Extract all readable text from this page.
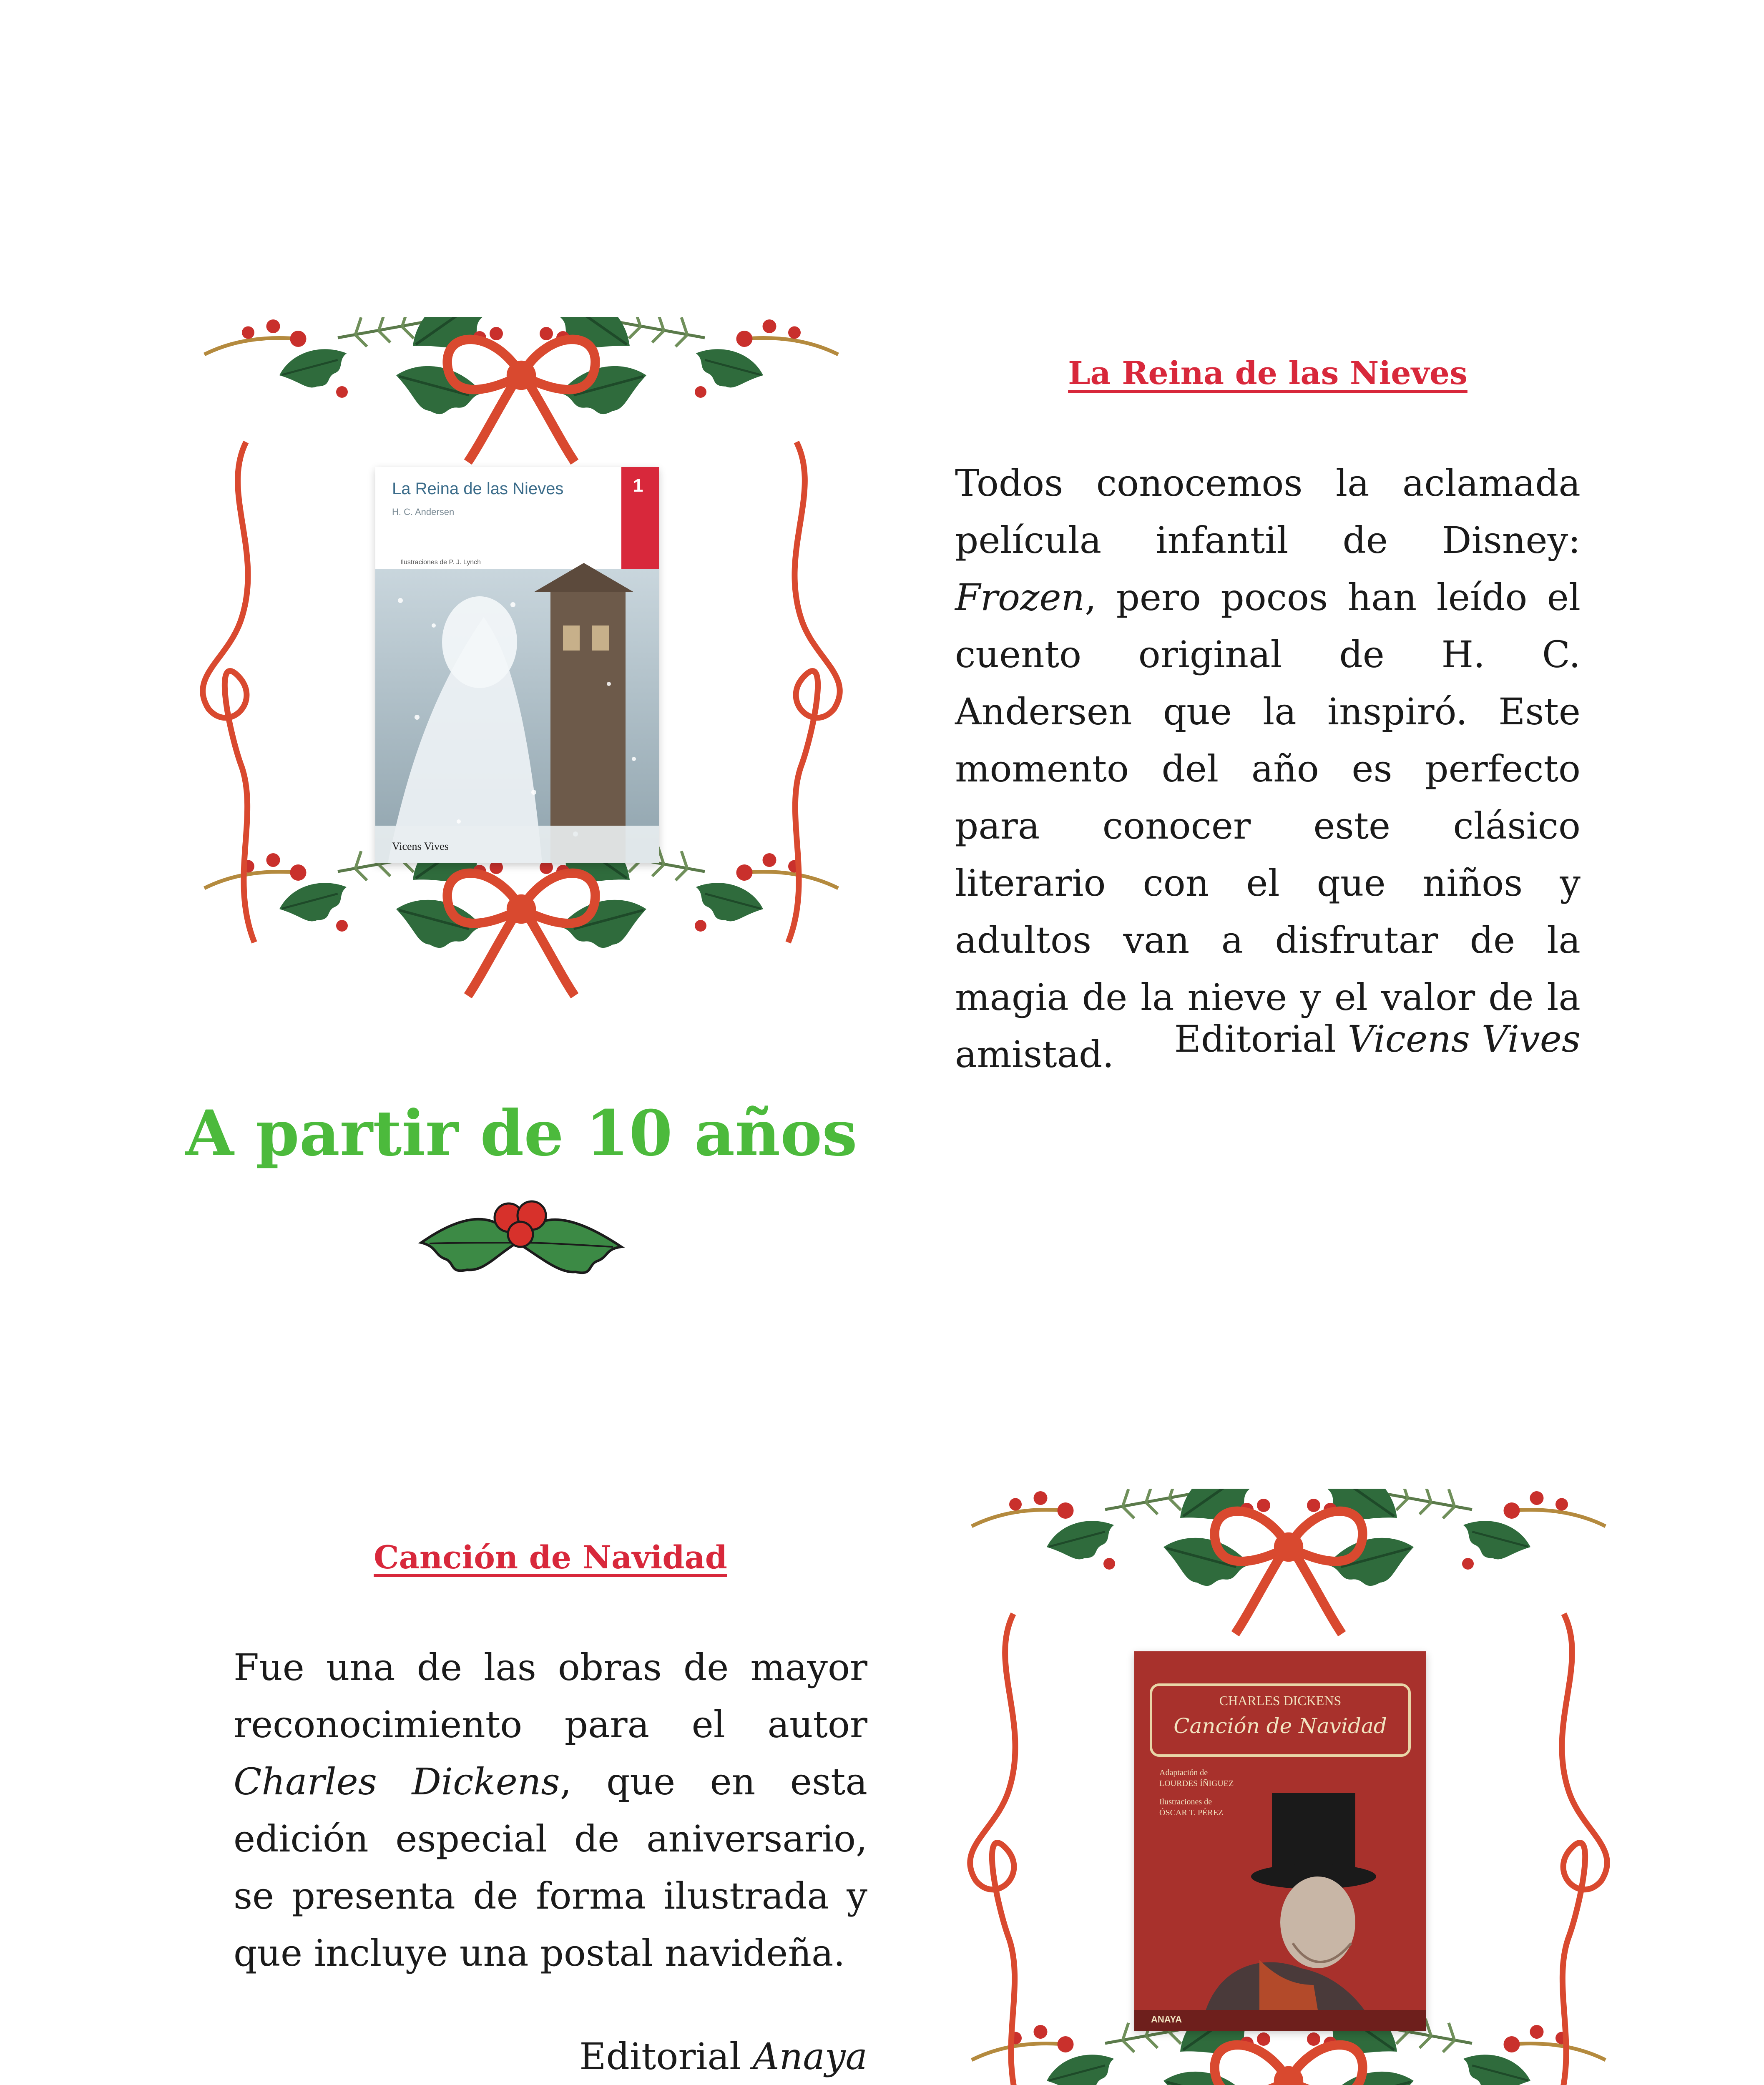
La Reina de las Nieves
H. C. Andersen
Ilustraciones de P. J. Lynch
CUCAÑA
1
Vicens Vives

La Reina de las Nieves

Todos conocemos la aclamada película infantil de Disney: Frozen, pero pocos han leído el cuento original de H. C. Andersen que la inspiró. Este momento del año es perfecto para conocer este clásico literario con el que niños y adultos van a disfrutar de la magia de la nieve y el valor de la amistad.	Editorial Vicens Vives

A partir de 10 años

Canción de Navidad

Fue una de las obras de mayor reconocimiento para el autor Charles Dickens, que en esta edición especial de aniversario, se presenta de forma ilustrada y que incluye una postal navideña.

Editorial Anaya

CHARLES DICKENS
Canción de Navidad
Adaptación de
LOURDES ÍÑIGUEZ
Ilustraciones de
ÓSCAR T. PÉREZ
ANAYA
